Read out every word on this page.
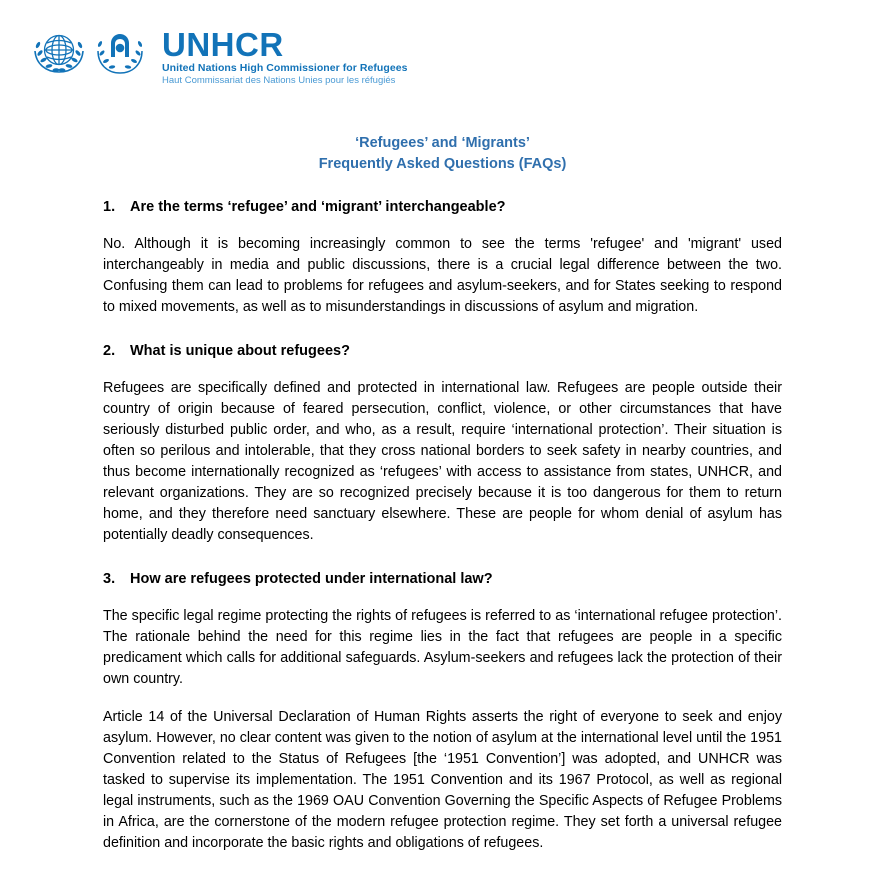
UNHCR
United Nations High Commissioner for Refugees
Haut Commissariat des Nations Unies pour les réfugiés
‘Refugees’ and ‘Migrants’
Frequently Asked Questions (FAQs)
1.	Are the terms ‘refugee’ and ‘migrant’ interchangeable?

No. Although it is becoming increasingly common to see the terms 'refugee' and 'migrant' used interchangeably in media and public discussions, there is a crucial legal difference between the two. Confusing them can lead to problems for refugees and asylum-seekers, and for States seeking to respond to mixed movements, as well as to misunderstandings in discussions of asylum and migration.

2.	What is unique about refugees?

Refugees are specifically defined and protected in international law. Refugees are people outside their country of origin because of feared persecution, conflict, violence, or other circumstances that have seriously disturbed public order, and who, as a result, require ‘international protection’. Their situation is often so perilous and intolerable, that they cross national borders to seek safety in nearby countries, and thus become internationally recognized as ‘refugees’ with access to assistance from states, UNHCR, and relevant organizations. They are so recognized precisely because it is too dangerous for them to return home, and they therefore need sanctuary elsewhere. These are people for whom denial of asylum has potentially deadly consequences.

3.	How are refugees protected under international law?

The specific legal regime protecting the rights of refugees is referred to as ‘international refugee protection’. The rationale behind the need for this regime lies in the fact that refugees are people in a specific predicament which calls for additional safeguards. Asylum-seekers and refugees lack the protection of their own country.

Article 14 of the Universal Declaration of Human Rights asserts the right of everyone to seek and enjoy asylum. However, no clear content was given to the notion of asylum at the international level until the 1951 Convention related to the Status of Refugees [the ‘1951 Convention’] was adopted, and UNHCR was tasked to supervise its implementation. The 1951 Convention and its 1967 Protocol, as well as regional legal instruments, such as the 1969 OAU Convention Governing the Specific Aspects of Refugee Problems in Africa, are the cornerstone of the modern refugee protection regime. They set forth a universal refugee definition and incorporate the basic rights and obligations of refugees.
